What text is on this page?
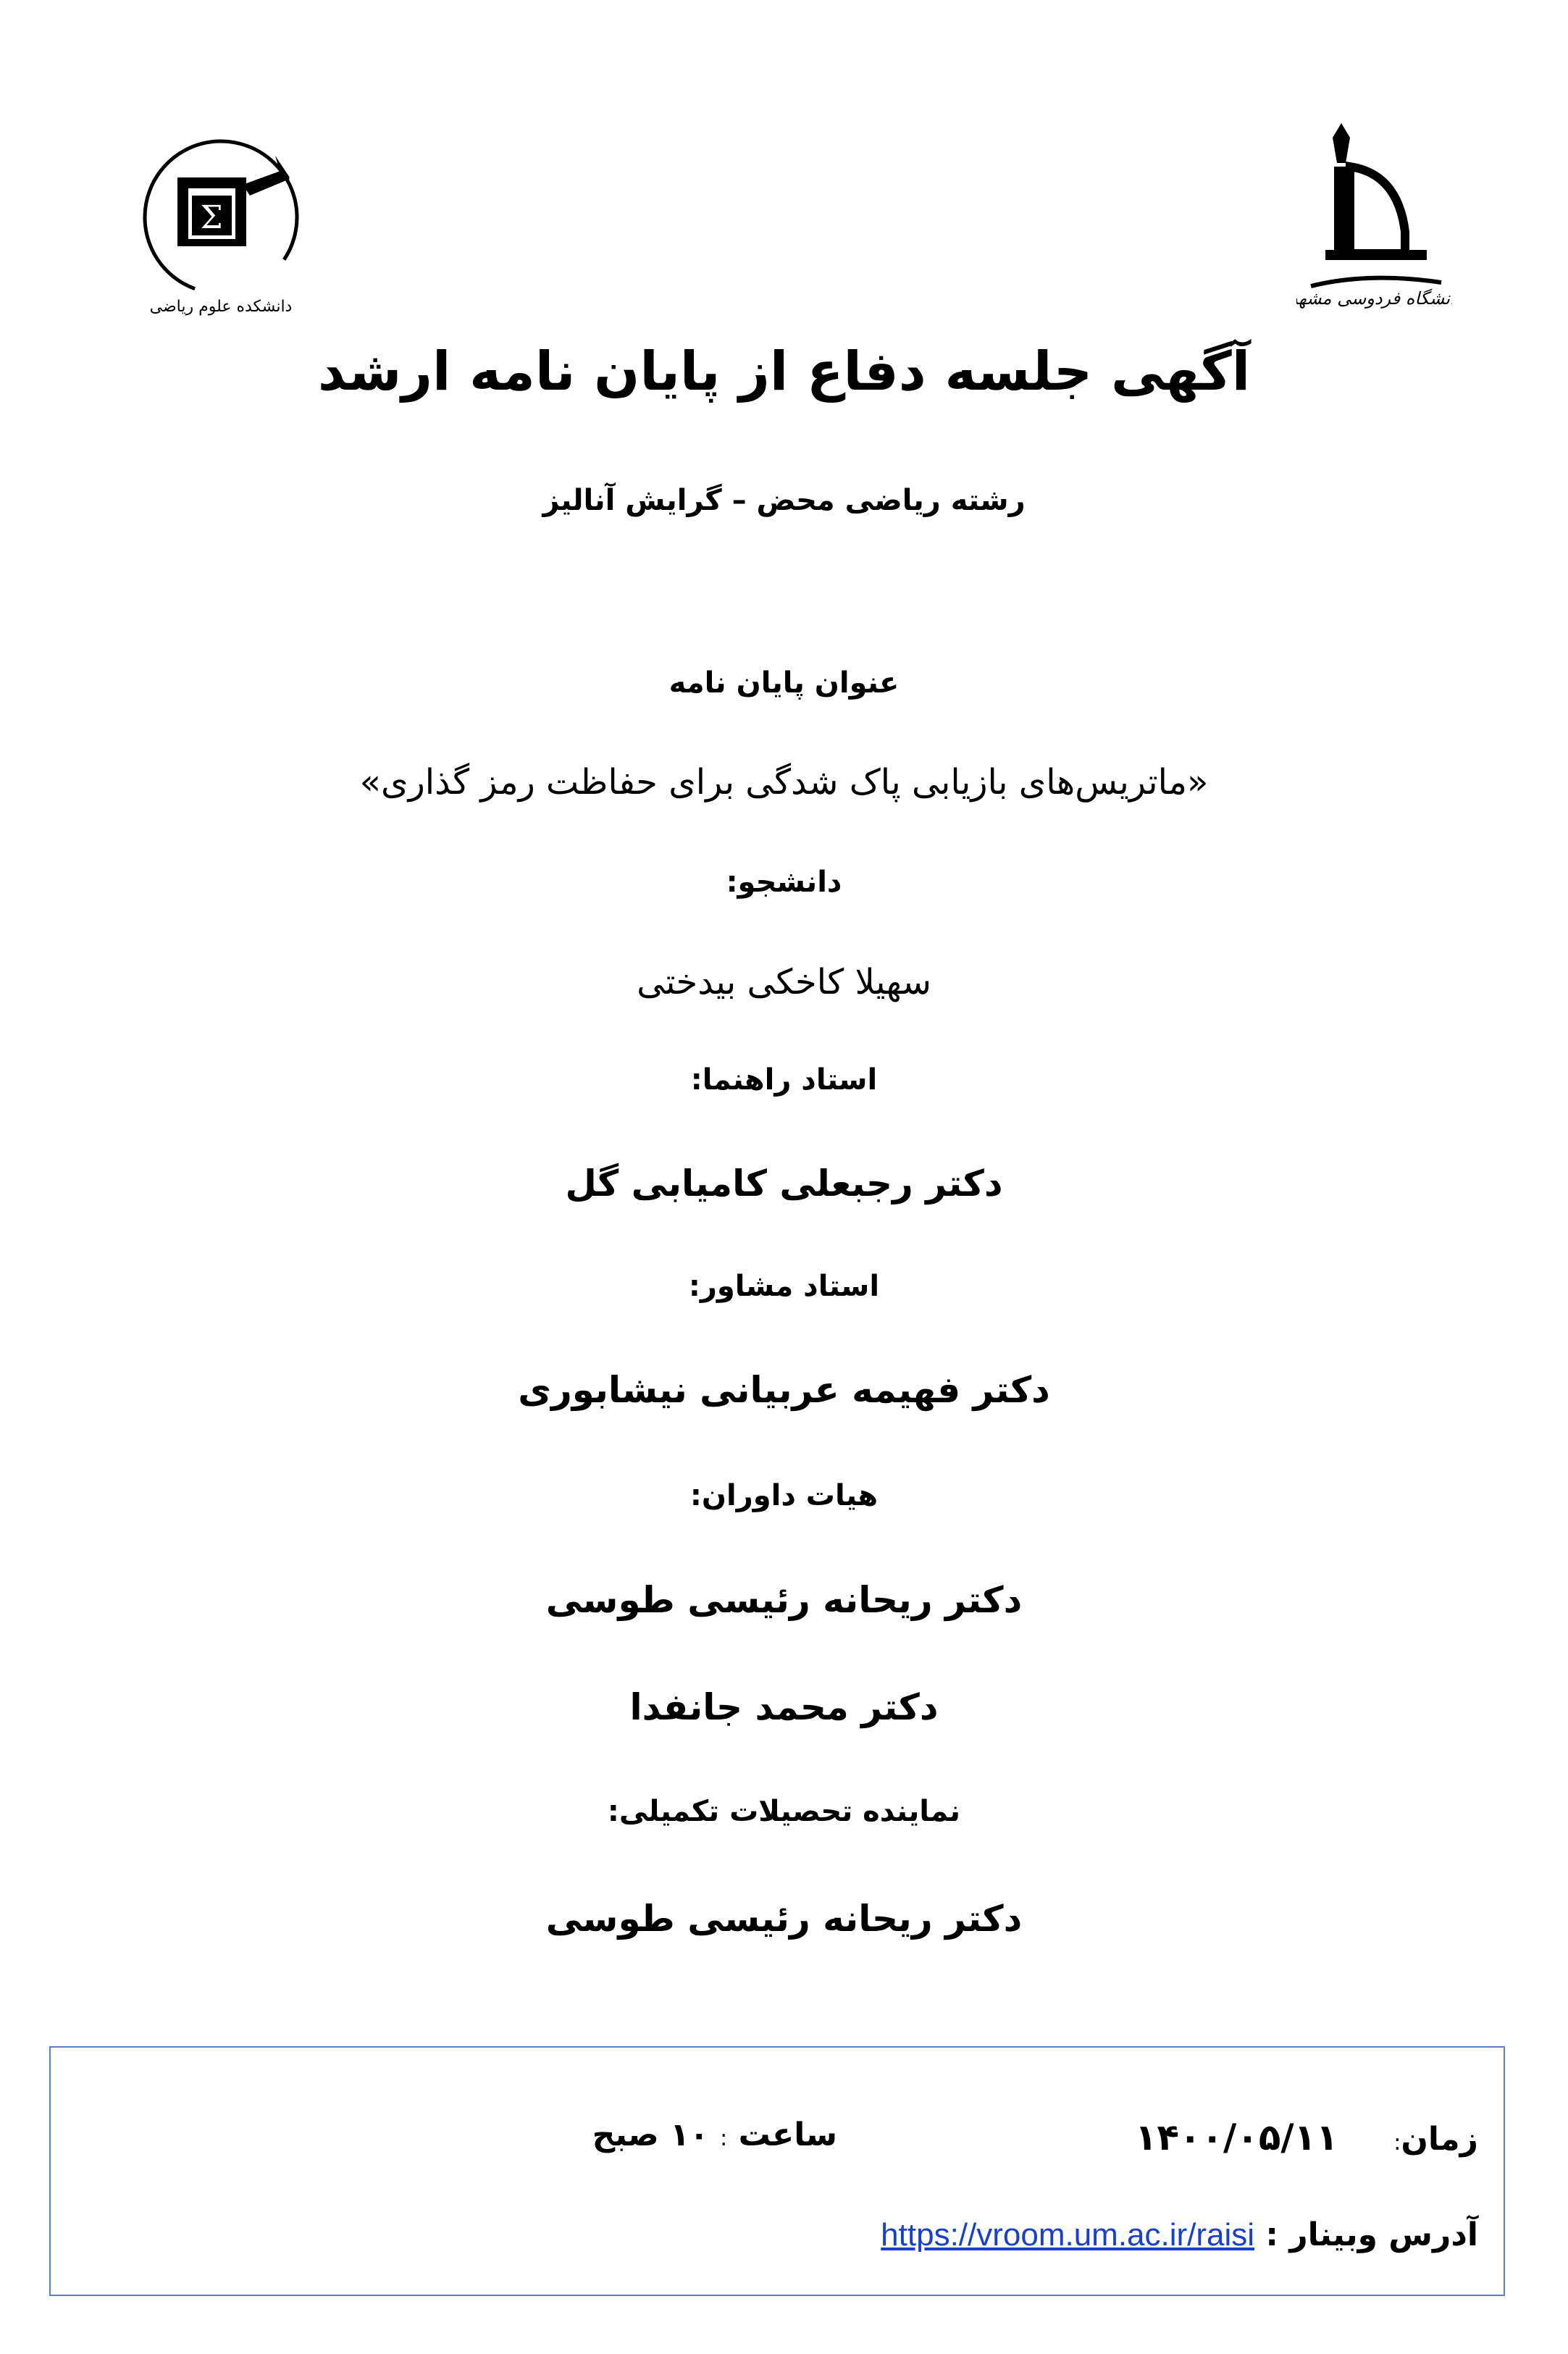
Σ
دانشکده علوم ریاضی	دانشگاه فردوسی مشهد
آگهی جلسه دفاع از پایان نامه ارشد
رشته ریاضی محض – گرایش آنالیز
عنوان پایان نامه
«ماتریس‌های بازیابی پاک شدگی برای حفاظت رمز گذاری»
دانشجو:
سهیلا کاخکی بیدختی
استاد راهنما:
دکتر رجبعلی کامیابی گل
استاد مشاور:
دکتر فهیمه عربیانی نیشابوری
هیات داوران:
دکتر ریحانه رئیسی طوسی
دکتر محمد جانفدا
نماینده تحصیلات تکمیلی:
دکتر ریحانه رئیسی طوسی
زمان:     ۱۴۰۰/۰۵/۱۱
ساعت : ۱۰ صبح
آدرس وبینار : https://vroom.um.ac.ir/raisi
